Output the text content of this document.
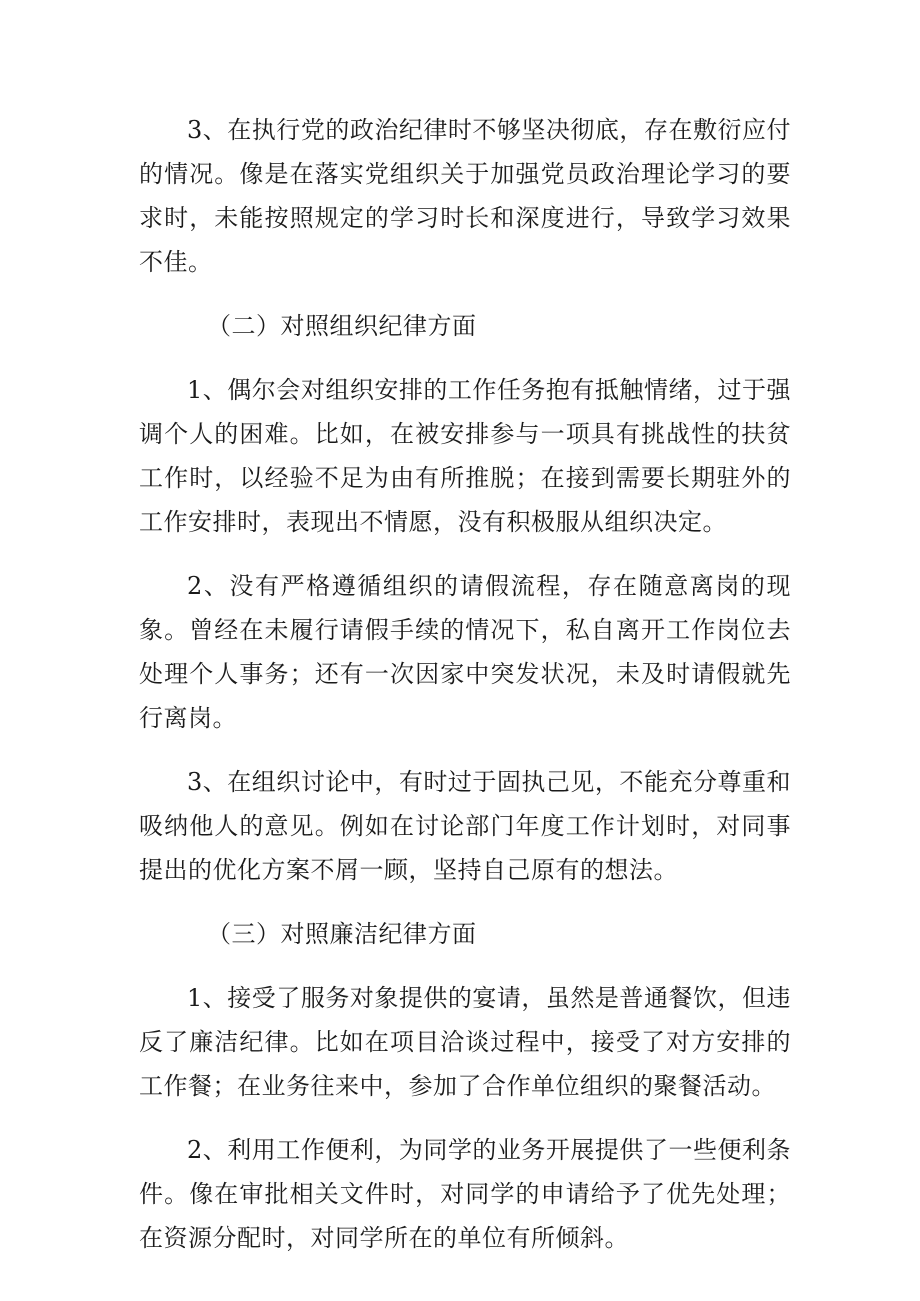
3、在执行党的政治纪律时不够坚决彻底，存在敷衍应付的情况。像是在落实党组织关于加强党员政治理论学习的要求时，未能按照规定的学习时长和深度进行，导致学习效果不佳。

（二）对照组织纪律方面

1、偶尔会对组织安排的工作任务抱有抵触情绪，过于强调个人的困难。比如，在被安排参与一项具有挑战性的扶贫工作时，以经验不足为由有所推脱；在接到需要长期驻外的工作安排时，表现出不情愿，没有积极服从组织决定。

2、没有严格遵循组织的请假流程，存在随意离岗的现象。曾经在未履行请假手续的情况下，私自离开工作岗位去处理个人事务；还有一次因家中突发状况，未及时请假就先行离岗。

3、在组织讨论中，有时过于固执己见，不能充分尊重和吸纳他人的意见。例如在讨论部门年度工作计划时，对同事提出的优化方案不屑一顾，坚持自己原有的想法。

（三）对照廉洁纪律方面

1、接受了服务对象提供的宴请，虽然是普通餐饮，但违反了廉洁纪律。比如在项目洽谈过程中，接受了对方安排的工作餐；在业务往来中，参加了合作单位组织的聚餐活动。

2、利用工作便利，为同学的业务开展提供了一些便利条件。像在审批相关文件时，对同学的申请给予了优先处理；在资源分配时，对同学所在的单位有所倾斜。
